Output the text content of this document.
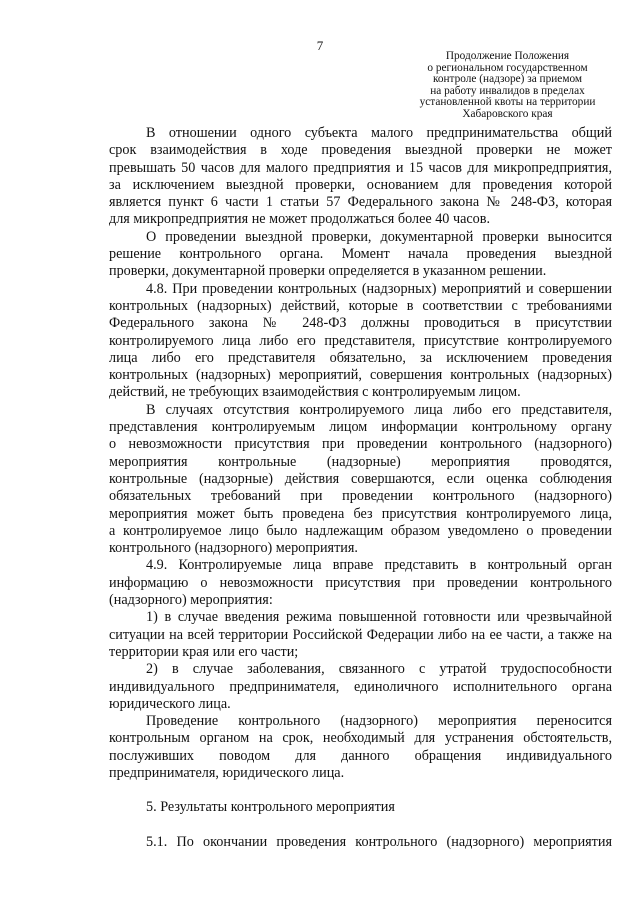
7
Продолжение Положения
о региональном государственном
контроле (надзоре) за приемом
на работу инвалидов в пределах
установленной квоты на территории
Хабаровского края
В отношении одного субъекта малого предпринимательства общий
срок взаимодействия в ходе проведения выездной проверки не может
превышать 50 часов для малого предприятия и 15 часов для микропредприятия,
за исключением выездной проверки, основанием для проведения которой
является пункт 6 части 1 статьи 57 Федерального закона № 248-ФЗ, которая
для микропредприятия не может продолжаться более 40 часов.
О проведении выездной проверки, документарной проверки выносится
решение контрольного органа. Момент начала проведения выездной
проверки, документарной проверки определяется в указанном решении.
4.8. При проведении контрольных (надзорных) мероприятий и совершении
контрольных (надзорных) действий, которые в соответствии с требованиями
Федерального закона № 248-ФЗ должны проводиться в присутствии
контролируемого лица либо его представителя, присутствие контролируемого
лица либо его представителя обязательно, за исключением проведения
контрольных (надзорных) мероприятий, совершения контрольных (надзорных)
действий, не требующих взаимодействия с контролируемым лицом.
В случаях отсутствия контролируемого лица либо его представителя,
представления контролируемым лицом информации контрольному органу
о невозможности присутствия при проведении контрольного (надзорного)
мероприятия контрольные (надзорные) мероприятия проводятся,
контрольные (надзорные) действия совершаются, если оценка соблюдения
обязательных требований при проведении контрольного (надзорного)
мероприятия может быть проведена без присутствия контролируемого лица,
а контролируемое лицо было надлежащим образом уведомлено о проведении
контрольного (надзорного) мероприятия.
4.9. Контролируемые лица вправе представить в контрольный орган
информацию о невозможности присутствия при проведении контрольного
(надзорного) мероприятия:
1) в случае введения режима повышенной готовности или чрезвычайной
ситуации на всей территории Российской Федерации либо на ее части, а также на
территории края или его части;
2) в случае заболевания, связанного с утратой трудоспособности
индивидуального предпринимателя, единоличного исполнительного органа
юридического лица.
Проведение контрольного (надзорного) мероприятия переносится
контрольным органом на срок, необходимый для устранения обстоятельств,
послуживших поводом для данного обращения индивидуального
предпринимателя, юридического лица.
5. Результаты контрольного мероприятия
5.1. По окончании проведения контрольного (надзорного) мероприятия
